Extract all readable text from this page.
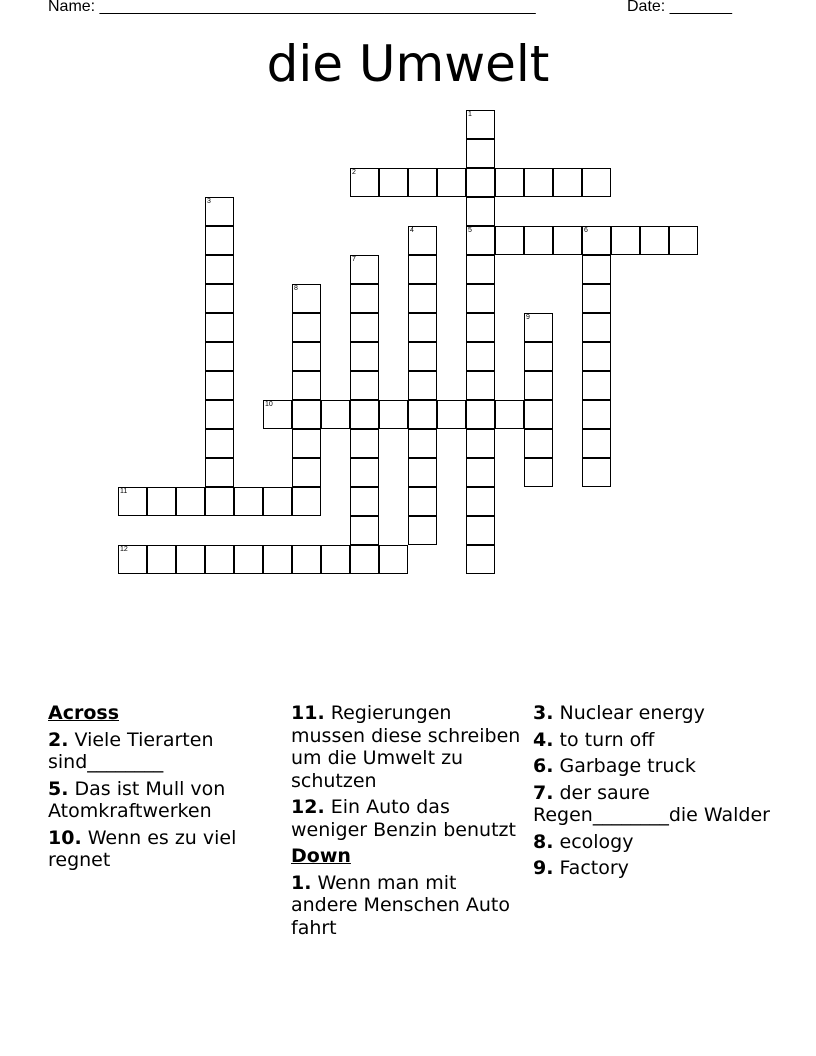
Name: _________________________________________________	Date: _______
die Umwelt
1
5
2
3
4	6
7
8
9
10
11
12
Across
2. Viele Tierarten sind________
5. Das ist Mull von Atomkraftwerken
10. Wenn es zu viel regnet
11. Regierungen mussen diese schreiben um die Umwelt zu schutzen
12. Ein Auto das weniger Benzin benutzt
Down
1. Wenn man mit andere Menschen Auto fahrt
3. Nuclear energy
4. to turn off
6. Garbage truck
7. der saure Regen________die Walder
8. ecology
9. Factory
